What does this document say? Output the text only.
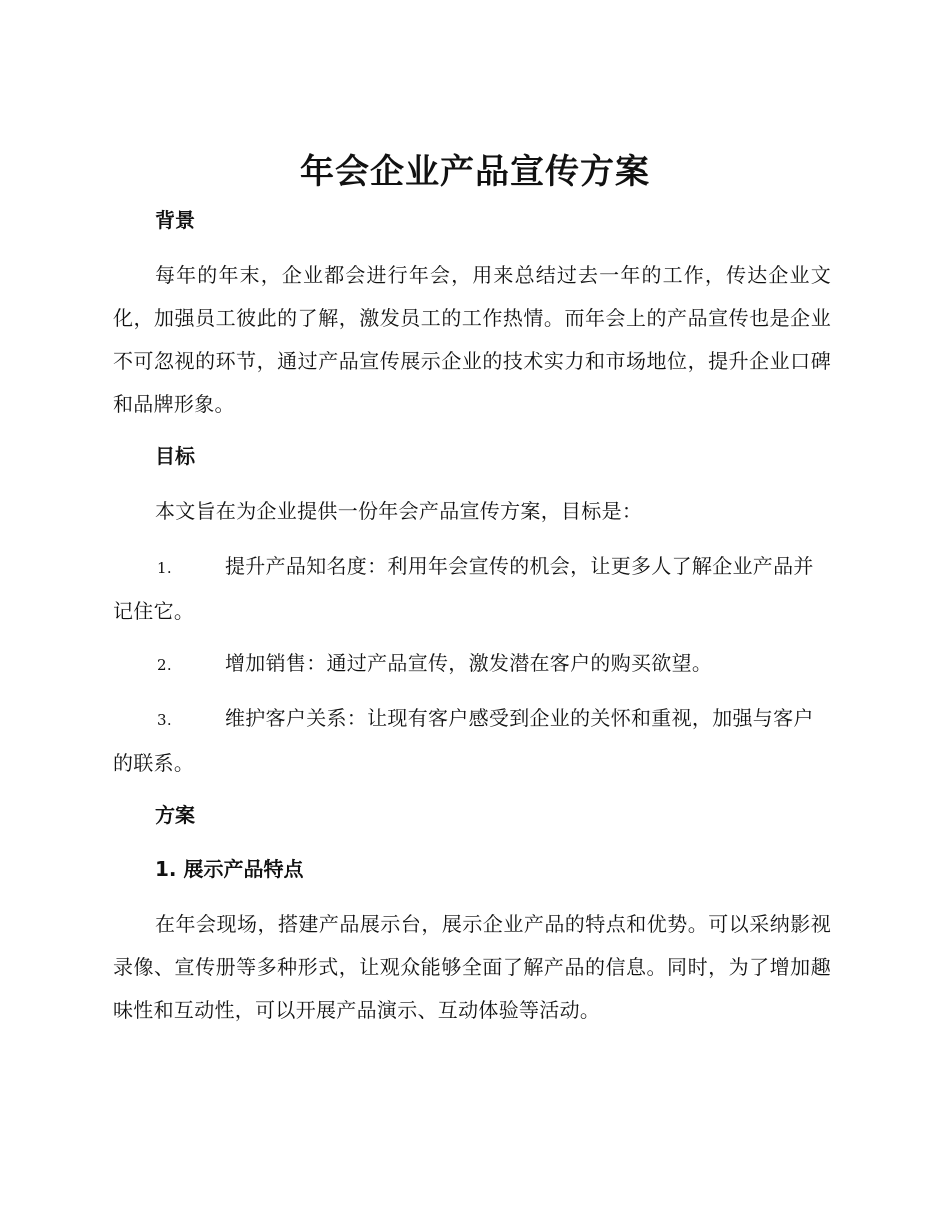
年会企业产品宣传方案
背景

每年的年末，企业都会进行年会，用来总结过去一年的工作，传达企业文化，加强员工彼此的了解，激发员工的工作热情。而年会上的产品宣传也是企业不可忽视的环节，通过产品宣传展示企业的技术实力和市场地位，提升企业口碑和品牌形象。

目标

本文旨在为企业提供一份年会产品宣传方案，目标是：

1.	提升产品知名度：利用年会宣传的机会，让更多人了解企业产品并记住它。
2.	增加销售：通过产品宣传，激发潜在客户的购买欲望。
3.	维护客户关系：让现有客户感受到企业的关怀和重视，加强与客户的联系。
方案
1. 展示产品特点

在年会现场，搭建产品展示台，展示企业产品的特点和优势。可以采纳影视录像、宣传册等多种形式，让观众能够全面了解产品的信息。同时，为了增加趣味性和互动性，可以开展产品演示、互动体验等活动。
